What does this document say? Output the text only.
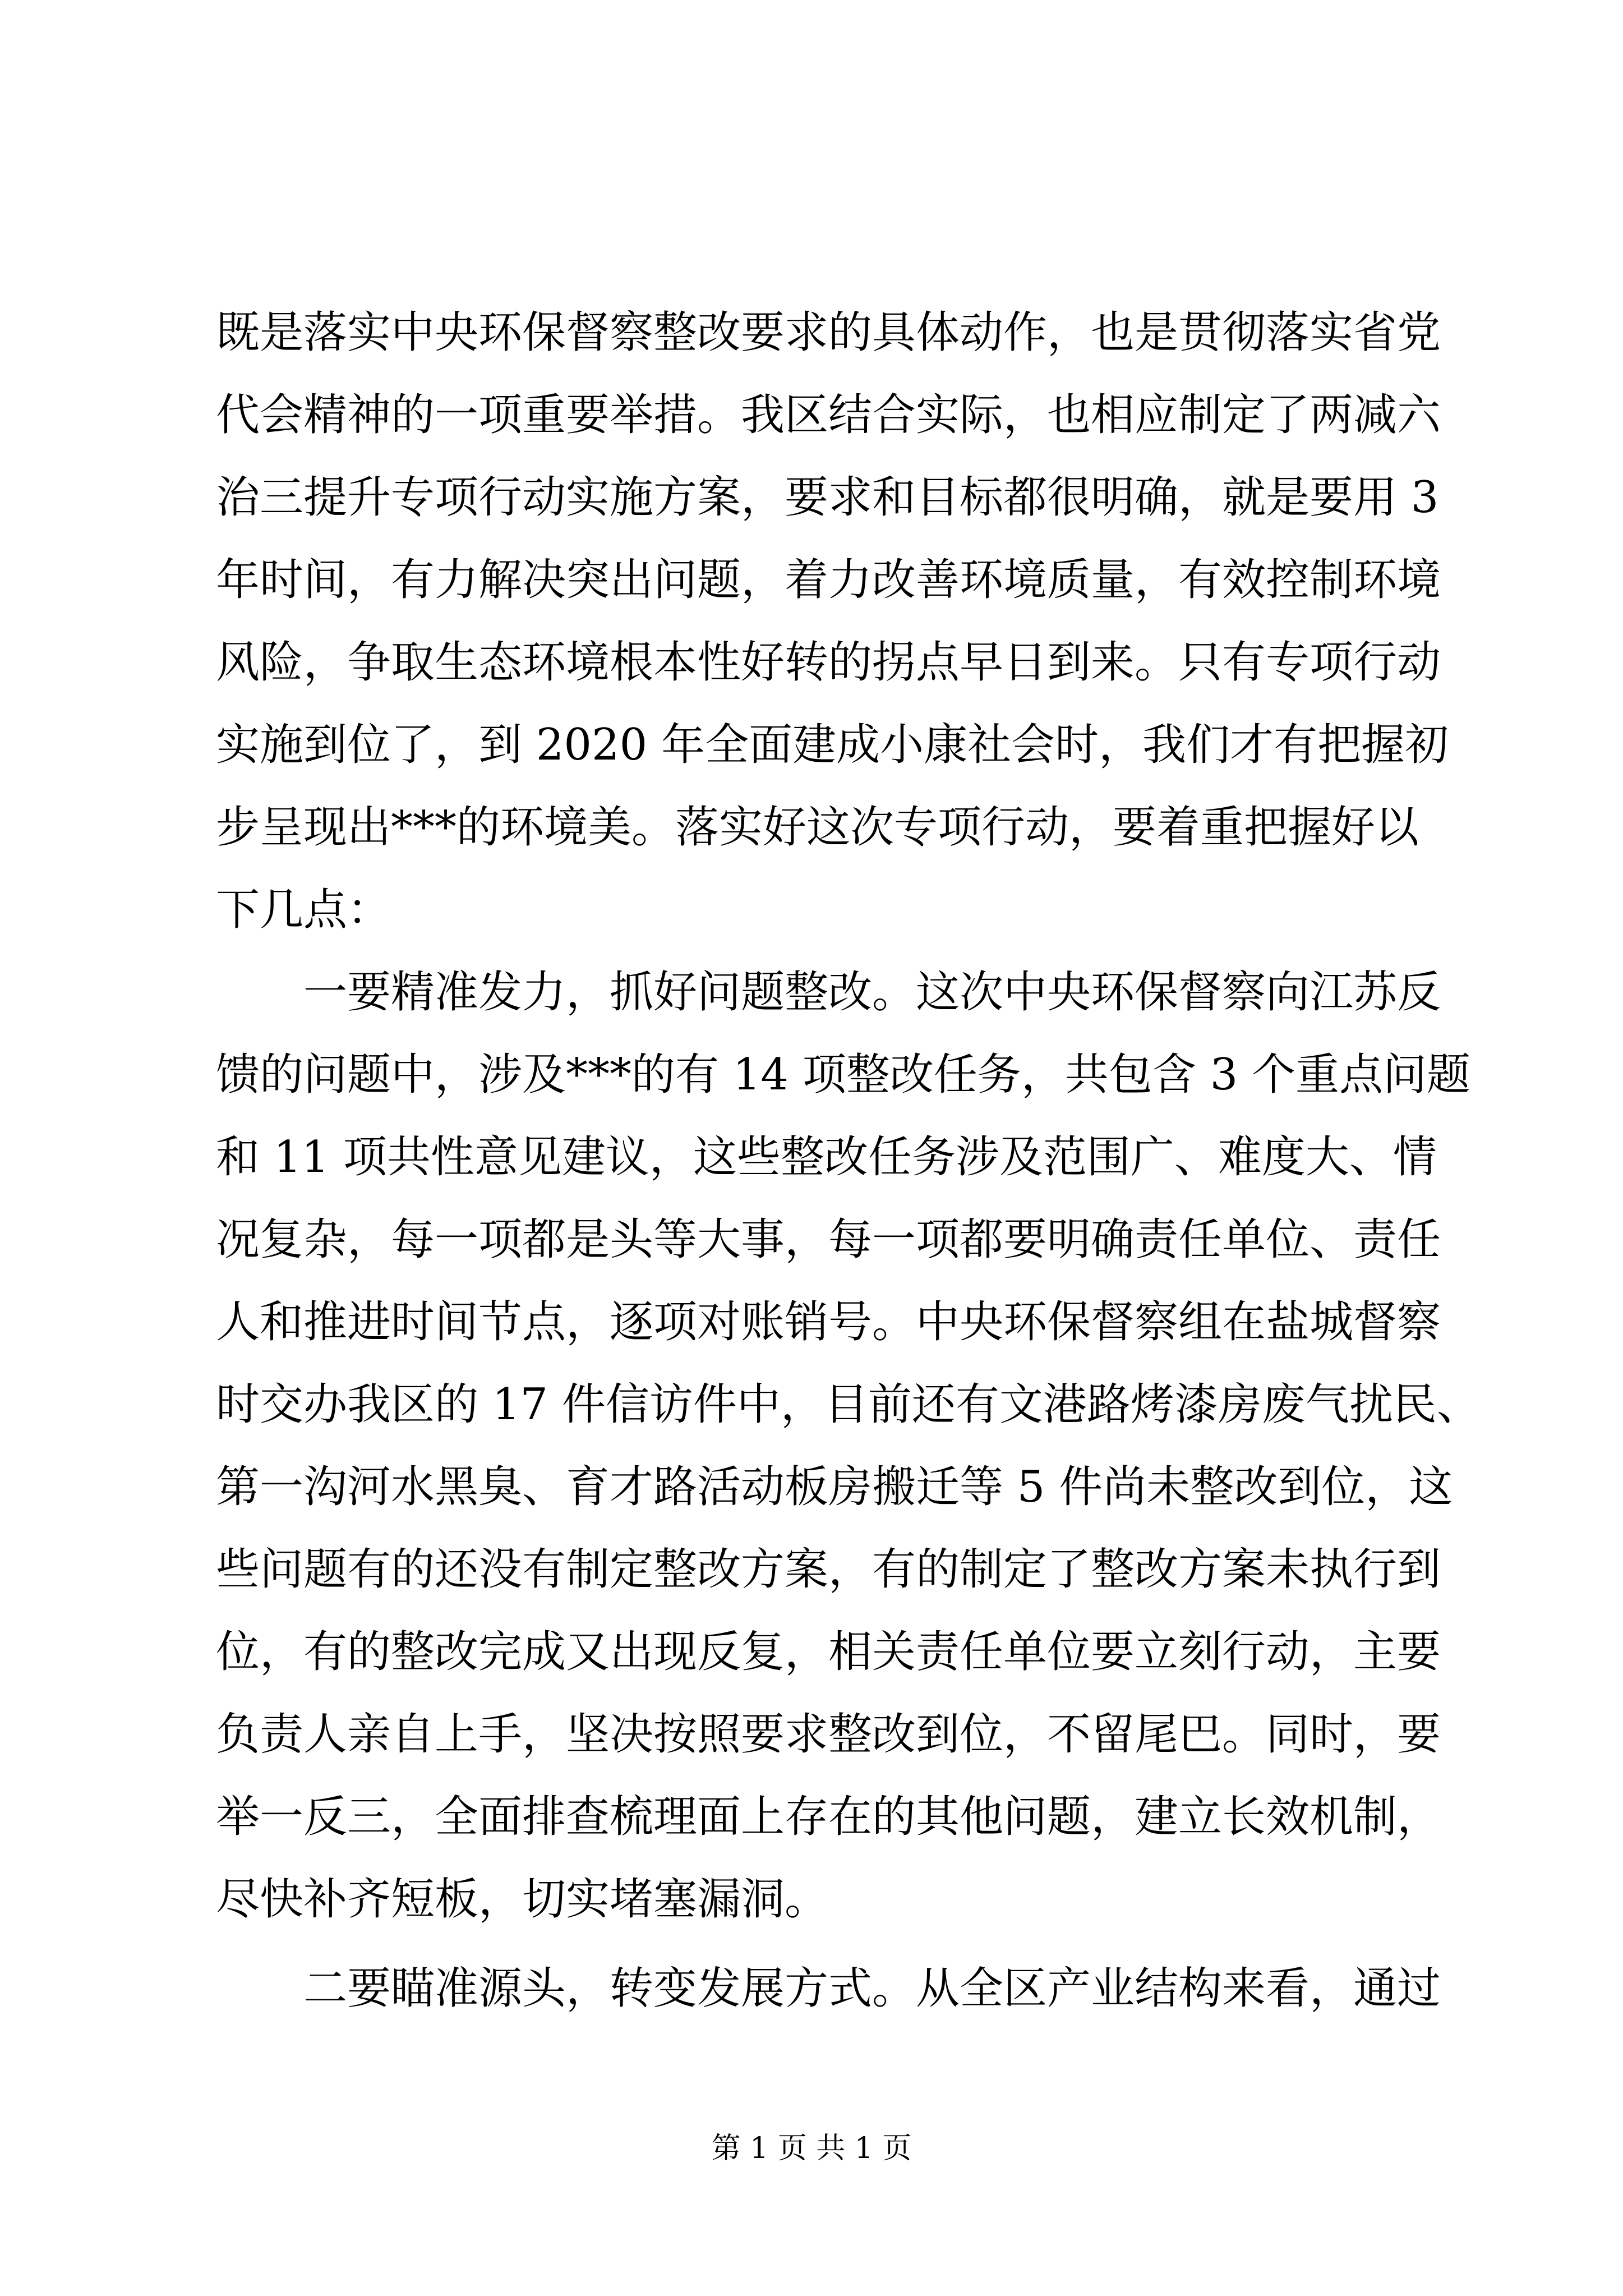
既是落实中央环保督察整改要求的具体动作，也是贯彻落实省党
代会精神的一项重要举措。我区结合实际，也相应制定了两减六
治三提升专项行动实施方案，要求和目标都很明确，就是要用 3
年时间，有力解决突出问题，着力改善环境质量，有效控制环境
风险，争取生态环境根本性好转的拐点早日到来。只有专项行动
实施到位了，到 2020 年全面建成小康社会时，我们才有把握初
步呈现出***的环境美。落实好这次专项行动，要着重把握好以
下几点：
一要精准发力，抓好问题整改。这次中央环保督察向江苏反
馈的问题中，涉及***的有 14 项整改任务，共包含 3 个重点问题
和 11 项共性意见建议，这些整改任务涉及范围广、难度大、情
况复杂，每一项都是头等大事，每一项都要明确责任单位、责任
人和推进时间节点，逐项对账销号。中央环保督察组在盐城督察
时交办我区的 17 件信访件中，目前还有文港路烤漆房废气扰民、
第一沟河水黑臭、育才路活动板房搬迁等 5 件尚未整改到位，这
些问题有的还没有制定整改方案，有的制定了整改方案未执行到
位，有的整改完成又出现反复，相关责任单位要立刻行动，主要
负责人亲自上手，坚决按照要求整改到位，不留尾巴。同时，要
举一反三，全面排查梳理面上存在的其他问题，建立长效机制，
尽快补齐短板，切实堵塞漏洞。
二要瞄准源头，转变发展方式。从全区产业结构来看，通过
第 1 页 共 1 页
